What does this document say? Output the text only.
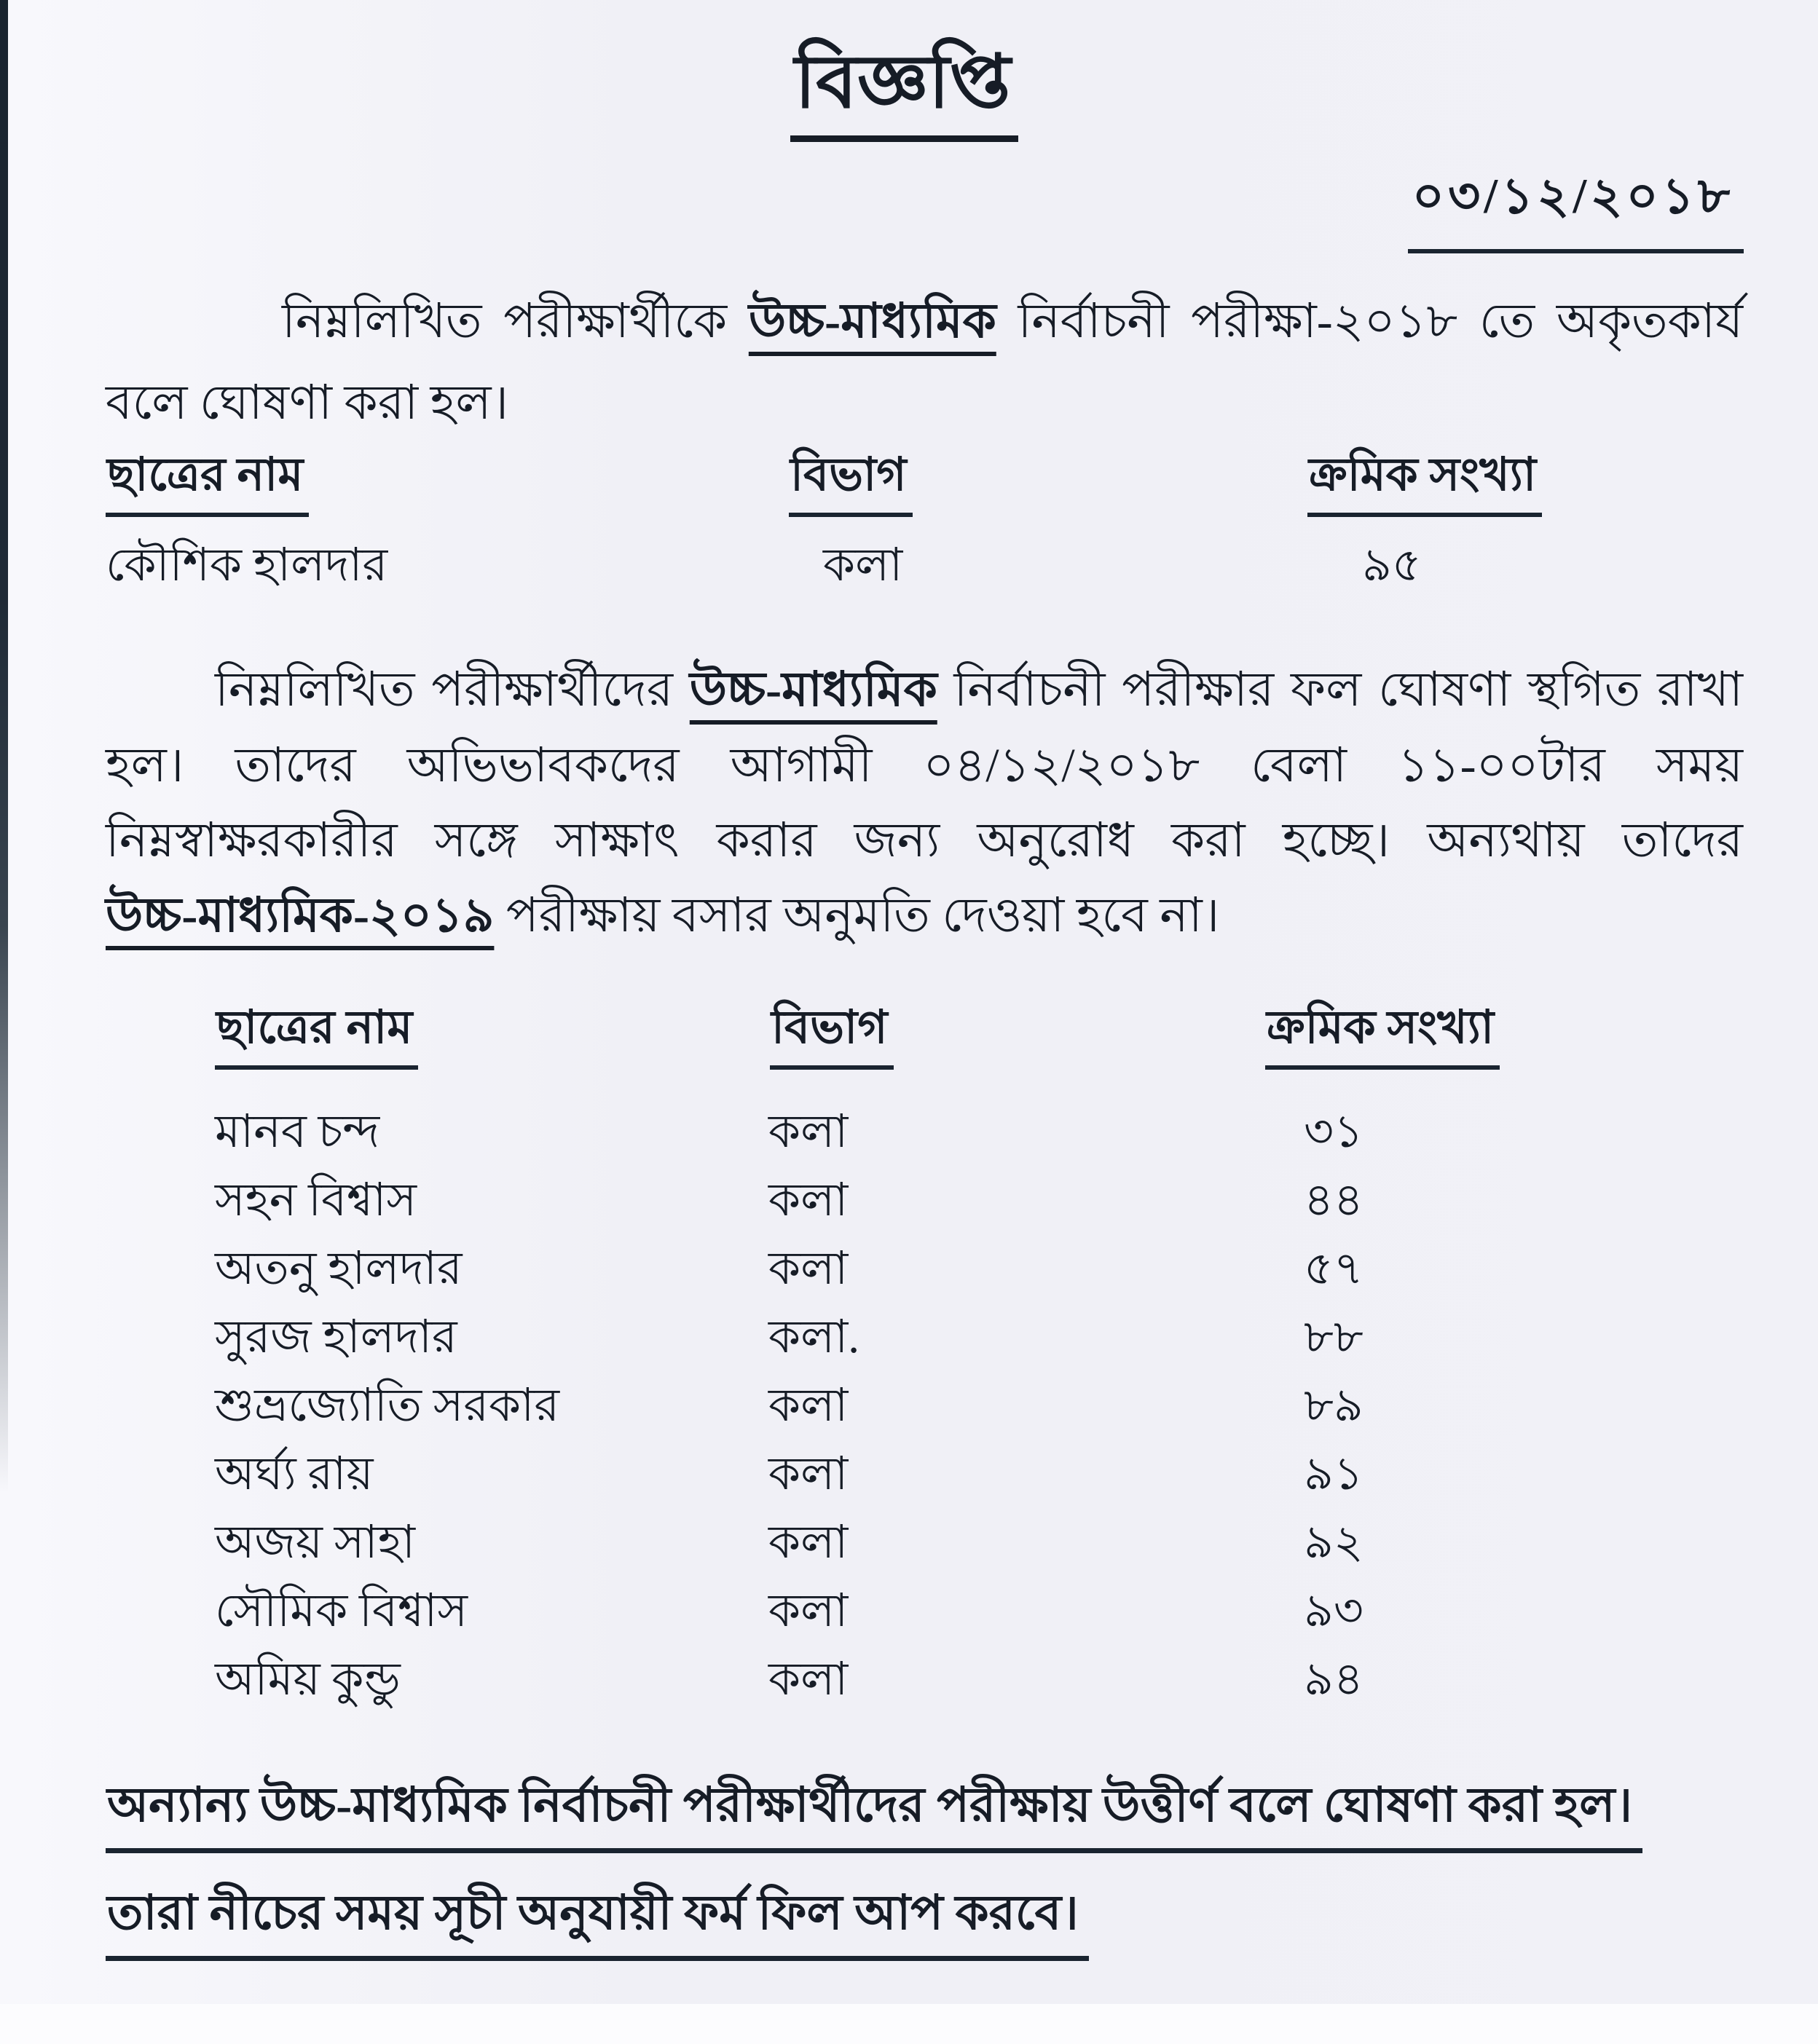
বিজ্ঞপ্তি
০৩/১২/২০১৮

নিম্নলিখিত পরীক্ষার্থীকে উচ্চ-মাধ্যমিক নির্বাচনী পরীক্ষা-২০১৮ তে অকৃতকার্য

বলে ঘোষণা করা হল।

ছাত্রের নাম	বিভাগ	ক্রমিক সংখ্যা
কৌশিক হালদার	কলা	৯৫

নিম্নলিখিত পরীক্ষার্থীদের উচ্চ-মাধ্যমিক নির্বাচনী পরীক্ষার ফল ঘোষণা স্থগিত রাখা

হল। তাদের অভিভাবকদের আগামী ০৪/১২/২০১৮ বেলা ১১-০০টার সময়

নিম্নস্বাক্ষরকারীর সঙ্গে সাক্ষাৎ করার জন্য অনুরোধ করা হচ্ছে। অন্যথায় তাদের

উচ্চ-মাধ্যমিক-২০১৯ পরীক্ষায় বসার অনুমতি দেওয়া হবে না।

ছাত্রের নাম	বিভাগ	ক্রমিক সংখ্যা
মানব চন্দ	কলা	৩১
সহন বিশ্বাস	কলা	৪৪
অতনু হালদার	কলা	৫৭
সুরজ হালদার	কলা.	৮৮
শুভ্রজ্যোতি সরকার	কলা	৮৯
অর্ঘ্য রায়	কলা	৯১
অজয় সাহা	কলা	৯২
সৌমিক বিশ্বাস	কলা	৯৩
অমিয় কুন্ডু	কলা	৯৪

অন্যান্য উচ্চ-মাধ্যমিক নির্বাচনী পরীক্ষার্থীদের পরীক্ষায় উত্তীর্ণ বলে ঘোষণা করা হল।

তারা নীচের সময় সূচী অনুযায়ী ফর্ম ফিল আপ করবে।
